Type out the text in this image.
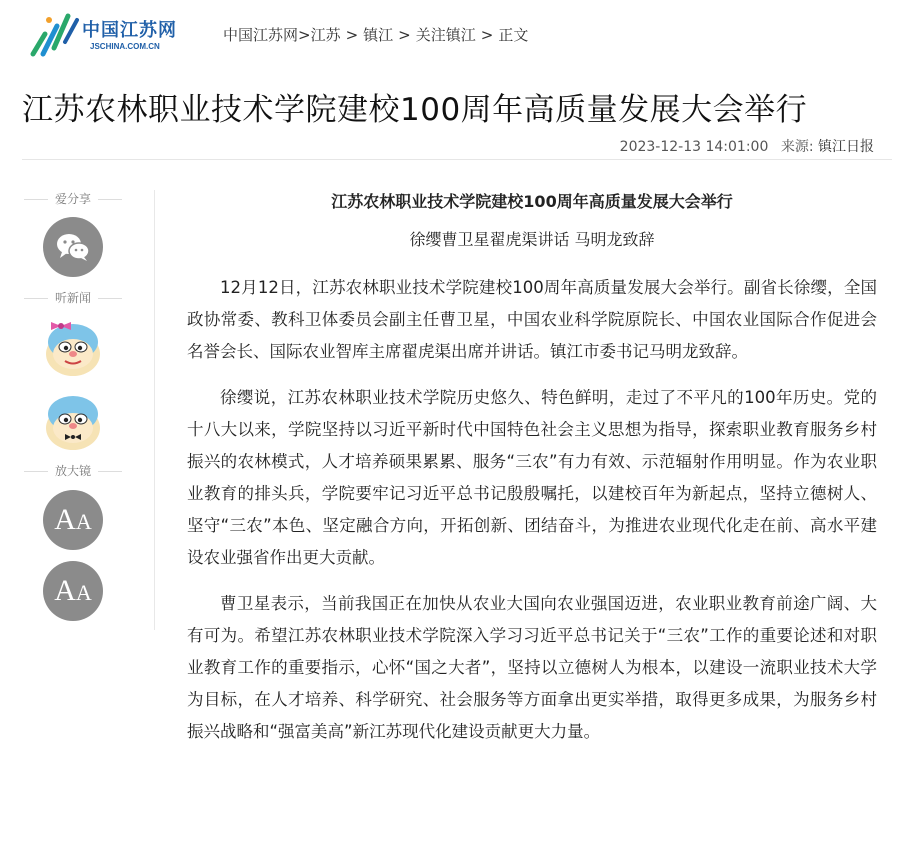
中国江苏网
JSCHINA.COM.CN
中国江苏网>江苏 > 镇江 > 关注镇江 > 正文
江苏农林职业技术学院建校100周年高质量发展大会举行
2023-12-13 14:01:00 来源: 镇江日报
爱分享
听新闻
放大镜
AA
+
AA
-

江苏农林职业技术学院建校100周年高质量发展大会举行

徐缨曹卫星翟虎渠讲话 马明龙致辞

12月12日，江苏农林职业技术学院建校100周年高质量发展大会举行。副省长徐缨，全国政协常委、教科卫体委员会副主任曹卫星，中国农业科学院原院长、中国农业国际合作促进会名誉会长、国际农业智库主席翟虎渠出席并讲话。镇江市委书记马明龙致辞。

徐缨说，江苏农林职业技术学院历史悠久、特色鲜明，走过了不平凡的100年历史。党的十八大以来，学院坚持以习近平新时代中国特色社会主义思想为指导，探索职业教育服务乡村振兴的农林模式，人才培养硕果累累、服务“三农”有力有效、示范辐射作用明显。作为农业职业教育的排头兵，学院要牢记习近平总书记殷殷嘱托，以建校百年为新起点，坚持立德树人、坚守“三农”本色、坚定融合方向，开拓创新、团结奋斗，为推进农业现代化走在前、高水平建设农业强省作出更大贡献。

曹卫星表示，当前我国正在加快从农业大国向农业强国迈进，农业职业教育前途广阔、大有可为。希望江苏农林职业技术学院深入学习习近平总书记关于“三农”工作的重要论述和对职业教育工作的重要指示，心怀“国之大者”，坚持以立德树人为根本，以建设一流职业技术大学为目标，在人才培养、科学研究、社会服务等方面拿出更实举措，取得更多成果，为服务乡村振兴战略和“强富美高”新江苏现代化建设贡献更大力量。
